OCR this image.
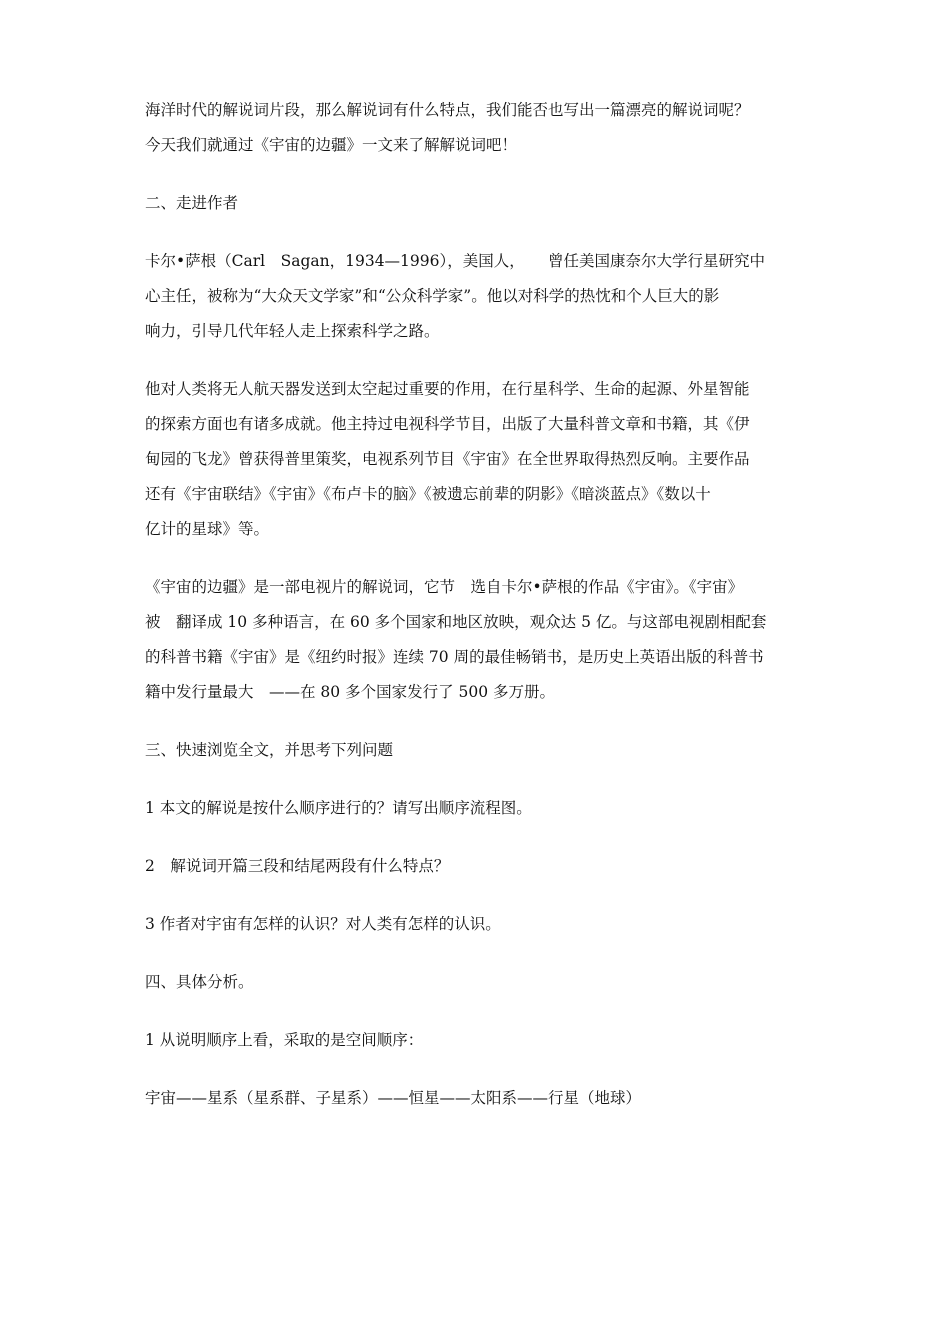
海洋时代的解说词片段，那么解说词有什么特点，我们能否也写出一篇漂亮的解说词呢？
今天我们就通过《宇宙的边疆》一文来了解解说词吧！
二、走进作者
卡尔•萨根（Carl　Sagan，1934—1996），美国人，　　曾任美国康奈尔大学行星研究中
心主任，被称为“大众天文学家”和“公众科学家”。他以对科学的热忱和个人巨大的影
响力，引导几代年轻人走上探索科学之路。
他对人类将无人航天器发送到太空起过重要的作用，在行星科学、生命的起源、外星智能
的探索方面也有诸多成就。他主持过电视科学节目，出版了大量科普文章和书籍，其《伊
甸园的飞龙》曾获得普里策奖，电视系列节目《宇宙》在全世界取得热烈反响。主要作品
还有《宇宙联结》《宇宙》《布卢卡的脑》《被遗忘前辈的阴影》《暗淡蓝点》《数以十
亿计的星球》等。
《宇宙的边疆》是一部电视片的解说词，它节　选自卡尔•萨根的作品《宇宙》。《宇宙》
被　翻译成 10 多种语言，在 60 多个国家和地区放映，观众达 5 亿。与这部电视剧相配套
的科普书籍《宇宙》是《纽约时报》连续 70 周的最佳畅销书，是历史上英语出版的科普书
籍中发行量最大　——在 80 多个国家发行了 500 多万册。
三、快速浏览全文，并思考下列问题
1 本文的解说是按什么顺序进行的？请写出顺序流程图。
2　解说词开篇三段和结尾两段有什么特点？
3 作者对宇宙有怎样的认识？对人类有怎样的认识。
四、具体分析。
1 从说明顺序上看，采取的是空间顺序：
宇宙——星系（星系群、子星系）——恒星——太阳系——行星（地球）
